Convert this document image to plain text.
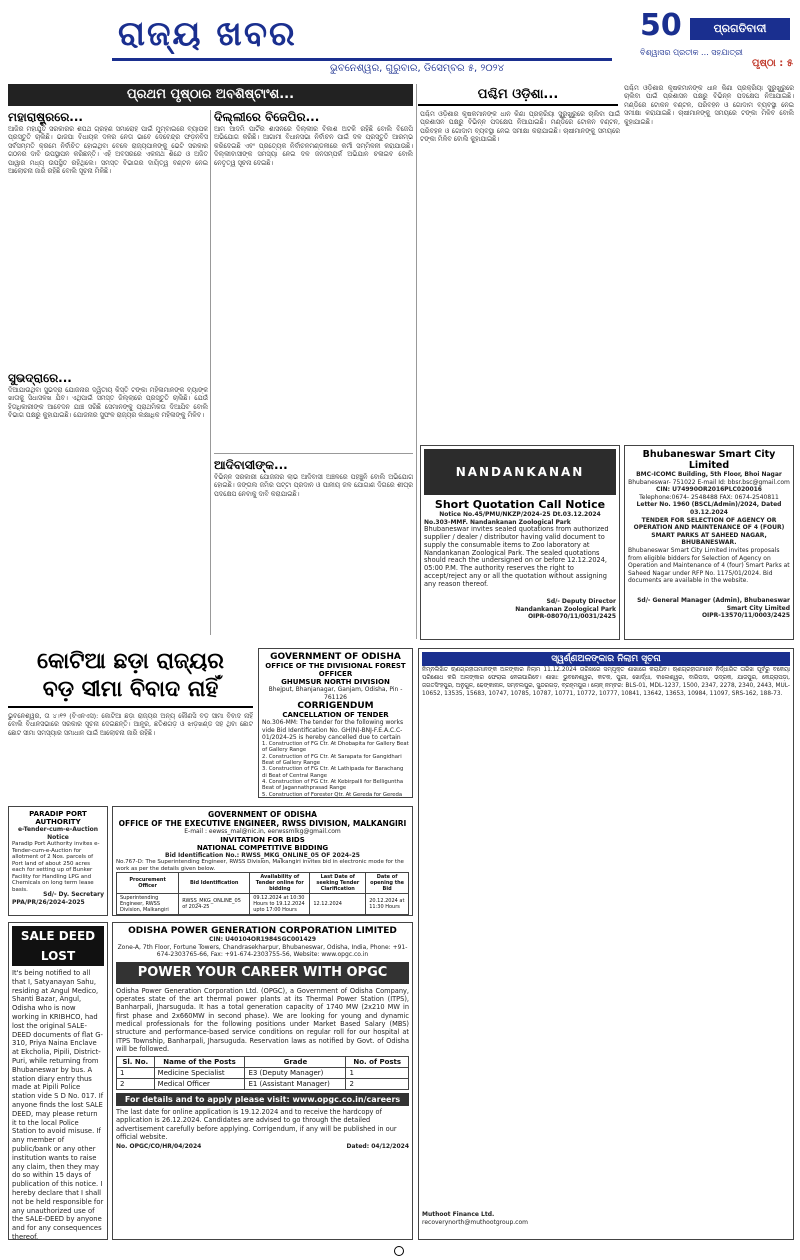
ରାଜ୍ୟ ଖବର
ଭୁବନେଶ୍ୱର, ଗୁରୁବାର, ଡିସେମ୍ବର ୫, ୨୦୨୪
50	ପ୍ରଗତିବାଦୀ
ବିଶ୍ୱାସର ପ୍ରତୀକ ... ସହଯାତ୍ରୀ
ପୃଷ୍ଠା : ୫
ପ୍ରଥମ ପୃଷ୍ଠାର ଅବଶିଷ୍ଟାଂଶ...	ପଶ୍ଚିମ ଓଡ଼ିଶା...
ମହାରାଷ୍ଟ୍ରରେ...
ଆଜିର ମହାଯୁତି ସରକାରର ଶପଥ ଗ୍ରହଣ ସମାରୋହ ପାଇଁ ମୁମ୍ବାଇରେ ବ୍ୟାପକ ପ୍ରସ୍ତୁତି ଚାଲିଛି। ଭାଜପା ବିଧାୟକ ଦଳର ନେତା ଭାବେ ଦେବେନ୍ଦ୍ର ଫଡ଼ନବିସ ସର୍ବସମ୍ମତି କ୍ରମେ ନିର୍ବାଚିତ ହୋଇଥିବା ବେଳେ ରାଜ୍ୟପାଳଙ୍କୁ ଭେଟି ସରକାର ଗଠନର ଦାବି ଉପସ୍ଥାପନ କରିଛନ୍ତି। ଏହି ଅବସରରେ ଏକନାଥ ଶିନ୍ଦେ ଓ ଅଜିତ ପାୱାର ମଧ୍ୟ ଉପସ୍ଥିତ ରହିଥିଲେ। ସମସ୍ତ ବିଭାଗର ଦାୟିତ୍ୱ ବଣ୍ଟନ ନେଇ ଆଲୋଚନା ଜାରି ରହିଛି ବୋଲି ସୂଚନା ମିଳିଛି।
ସୁଭଦ୍ରାରେ...
ଦିଆଯାଉଥିବା ସୁଭଦ୍ରା ଯୋଜନାର ଦ୍ୱିତୀୟ କିସ୍ତି ଟଙ୍କା ମହିଳାମାନଙ୍କ ବ୍ୟାଙ୍କ ଖାତାକୁ ସିଧାସଳଖ ଯିବ। ଏଥିପାଇଁ ସମସ୍ତ ଜିଲ୍ଲାରେ ପ୍ରସ୍ତୁତି ଚାଲିଛି। ଯେଉଁ ହିତାଧିକାରୀଙ୍କ ଆବେଦନ ଯାଞ୍ଚ ସରିଛି ସେମାନଙ୍କୁ ପ୍ରାଥମିକତା ଦିଆଯିବ ବୋଲି ବିଭାଗ ପକ୍ଷରୁ କୁହାଯାଇଛି। ଯୋଜନାର ସୁଫଳ ରାଜ୍ୟର ଲକ୍ଷାଧିକ ମହିଳାଙ୍କୁ ମିଳିବ।
ଦିଲ୍ଲୀରେ ବିଜେପିର...
ଆମ ଆଦମି ପାର୍ଟିର ଶାସନରେ ଦିଲ୍ଲୀର ବିକାଶ ଅଟକି ରହିଛି ବୋଲି ବିଜେପି ଅଭିଯୋଗ କରିଛି। ଆଗାମୀ ବିଧାନସଭା ନିର୍ବାଚନ ପାଇଁ ଦଳ ପ୍ରସ୍ତୁତି ଆରମ୍ଭ କରିଦେଇଛି ଏବଂ ପ୍ରତ୍ୟେକ ନିର୍ବାଚନମଣ୍ଡଳୀରେ କର୍ମୀ ସମ୍ମିଳନୀ କରାଯାଉଛି। ଦିଲ୍ଲୀବାସୀଙ୍କ ସମସ୍ୟା ନେଇ ଦଳ ଜନସମ୍ପର୍କ ଅଭିଯାନ ଚଳାଇବ ବୋଲି ନେତୃତ୍ୱ ସୂଚନା ଦେଇଛି।
ଆଦିବାସୀଙ୍କ...
ବିଭିନ୍ନ ସରକାରୀ ଯୋଜନାର ଲାଭ ଆଦିବାସୀ ଅଞ୍ଚଳରେ ପହଞ୍ଚୁନି ବୋଲି ଅଭିଯୋଗ ହୋଇଛି। ଜଙ୍ଗଲ ଜମିର ପଟ୍ଟା ପ୍ରଦାନ ଓ ପାନୀୟ ଜଳ ଯୋଗାଣ ଦିଗରେ ଶୀଘ୍ର ପଦକ୍ଷେପ ନେବାକୁ ଦାବି କରାଯାଇଛି।
ପଶ୍ଚିମ ଓଡ଼ିଶାର କୃଷକମାନଙ୍କ ଧାନ କିଣା ପ୍ରକ୍ରିୟା ସୁରୁଖୁରୁରେ ଚାଲିବା ପାଇଁ ପ୍ରଶାସନ ପକ୍ଷରୁ ବିଭିନ୍ନ ପଦକ୍ଷେପ ନିଆଯାଇଛି। ମଣ୍ଡିରେ ଟୋକନ ବଣ୍ଟନ, ପରିବହନ ଓ ଗୋଦାମ ବ୍ୟବସ୍ଥା ନେଇ ସମୀକ୍ଷା କରାଯାଇଛି। ଚାଷୀମାନଙ୍କୁ ସମୟରେ ଟଙ୍କା ମିଳିବ ବୋଲି କୁହାଯାଇଛି।
ପଶ୍ଚିମ ଓଡ଼ିଶାର କୃଷକମାନଙ୍କ ଧାନ କିଣା ପ୍ରକ୍ରିୟା ସୁରୁଖୁରୁରେ ଚାଲିବା ପାଇଁ ପ୍ରଶାସନ ପକ୍ଷରୁ ବିଭିନ୍ନ ପଦକ୍ଷେପ ନିଆଯାଇଛି। ମଣ୍ଡିରେ ଟୋକନ ବଣ୍ଟନ, ପରିବହନ ଓ ଗୋଦାମ ବ୍ୟବସ୍ଥା ନେଇ ସମୀକ୍ଷା କରାଯାଇଛି। ଚାଷୀମାନଙ୍କୁ ସମୟରେ ଟଙ୍କା ମିଳିବ ବୋଲି କୁହାଯାଇଛି।
NANDANKANAN
Short Quotation Call Notice
Notice No.45/PMU/NKZP/2024-25 Dt.03.12.2024
No.303-MMF. Nandankanan Zoological Park
Bhubaneswar invites sealed quotations from authorized supplier / dealer / distributor having valid document to supply the consumable items to Zoo laboratory at Nandankanan Zoological Park. The sealed quotations should reach the undersigned on or before 12.12.2024, 05:00 P.M. The authority reserves the right to accept/reject any or all the quotation without assigning any reason thereof.
Sd/- Deputy Director
Nandankanan Zoological Park
OIPR-08070/11/0031/2425
Bhubaneswar Smart City Limited
BMC-ICOMC Building, 5th Floor, Bhoi Nagar
Bhubaneswar- 751022 E-mail Id: bbsr.bsc@gmail.com
CIN: U74990OR2016PLC020016
Telephone:0674- 2548488 FAX: 0674-2540811
Letter No. 1960 (BSCL/Admin)/2024, Dated 03.12.2024
TENDER FOR SELECTION OF AGENCY OR OPERATION AND MAINTENANCE OF 4 (FOUR) SMART PARKS AT SAHEED NAGAR, BHUBANESWAR.
Bhubaneswar Smart City Limited invites proposals from eligible bidders for Selection of Agency on Operation and Maintenance of 4 (four) Smart Parks at Saheed Nagar under RFP No. 1175/01/2024. Bid documents are available in the website.
Sd/- General Manager (Admin), Bhubaneswar Smart City Limited
OIPR-13570/11/0003/2425
କୋଟିଆ ଛଡ଼ା ରାଜ୍ୟର
ବଡ଼ ସୀମା ବିବାଦ ନାହିଁ
ଭୁବନେଶ୍ୱର, ତା ୪।୧୨ (ବିଏନଏସ): କୋଟିଆ ଛଡ଼ା ରାଜ୍ୟର ଅନ୍ୟ କୌଣସି ବଡ଼ ସୀମା ବିବାଦ ନାହିଁ ବୋଲି ବିଧାନସଭାରେ ସରକାର ସୂଚନା ଦେଇଛନ୍ତି। ଆନ୍ଧ୍ର, ଛତିଶଗଡ଼ ଓ ଝାଡ଼ଖଣ୍ଡ ସହ ଥିବା ଛୋଟ ଛୋଟ ସୀମା ସମସ୍ୟାର ସମାଧାନ ପାଇଁ ଆଲୋଚନା ଜାରି ରହିଛି।
GOVERNMENT OF ODISHA
OFFICE OF THE DIVISIONAL FOREST OFFICER
GHUMSUR NORTH DIVISION
Bhejput, Bhanjanagar, Ganjam, Odisha, Pin - 761126
CORRIGENDUM
CANCELLATION OF TENDER
No.306-MM: The tender for the following works vide Bid Identification No. GH(N)-BNJ-F.E.A.C.C-01/2024-25 is hereby cancelled due to certain
1. Construction of FG Ctr. At Dhobapita for Gallery Beat of Gallery Range
2. Construction of FG Ctr. At Sarapata for Gangidhari Beat of Gallery Range
3. Construction of FG Ctr. At Lathipada for Barachang di Beat of Central Range
4. Construction of FG Ctr. At Kebirpalli for Belliguntha Beat of Jagannathprasad Range
5. Construction of Forester Qtr. At Gereda for Gereda
PARADIP PORT AUTHORITY
e-Tender-cum-e-Auction Notice
Paradip Port Authority invites e-Tender-cum-e-Auction for allotment of 2 Nos. parcels of Port land of about 250 acres each for setting up of Bunker Facility for Handling LPG and Chemicals on long term lease basis.
Sd/- Dy. Secretary
PPA/PR/26/2024-2025
GOVERNMENT OF ODISHA
OFFICE OF THE EXECUTIVE ENGINEER, RWSS DIVISION, MALKANGIRI
E-mail : eewss_mal@nic.in, eerwssmlkg@gmail.com
INVITATION FOR BIDS
NATIONAL COMPETITIVE BIDDING
Bid Identification No.: RWSS_MKG_ONLINE_05 OF 2024-25
No.767-D: The Superintending Engineer, RWSS Division, Malkangiri invites bid in electronic mode for the work as per the details given below.
Procurement Officer	Bid Identification	Availability of Tender online for bidding	Last Date of seeking Tender Clarification	Date of opening the Bid
Superintending Engineer, RWSS Division, Malkangiri	RWSS_MKG_ONLINE_05 of 2024-25	09.12.2024 at 10:30 Hours to 19.12.2024 upto 17:00 Hours	12.12.2024	20.12.2024 at 11:30 Hours
SALE DEED LOST
It's being notified to all that I, Satyanayan Sahu, residing at Angul Medico, Shanti Bazar, Angul, Odisha who is now working in KRIBHCO, had lost the original SALE-DEED documents of flat G-310, Priya Naina Enclave at Ekcholia, Pipili, District-Puri, while returning from Bhubaneswar by bus. A station diary entry thus made at Pipili Police station vide S D No. 017. If anyone finds the lost SALE DEED, may please return it to the local Police Station to avoid misuse. If any member of public/bank or any other institution wants to raise any claim, then they may do so within 15 days of publication of this notice. I hereby declare that I shall not be held responsible for any unauthorized use of the SALE-DEED by anyone and for any consequences thereof.
ODISHA POWER GENERATION CORPORATION LIMITED
CIN: U40104OR1984SGC001429
Zone-A, 7th Floor, Fortune Towers, Chandrasekharpur, Bhubaneswar, Odisha, India, Phone: +91-674-2303765-66, Fax: +91-674-2303755-56, Website: www.opgc.co.in
POWER YOUR CAREER WITH OPGC
Odisha Power Generation Corporation Ltd. (OPGC), a Government of Odisha Company, operates state of the art thermal power plants at its Thermal Power Station (ITPS), Banharpali, Jharsuguda. It has a total generation capacity of 1740 MW (2x210 MW in first phase and 2x660MW in second phase). We are looking for young and dynamic medical professionals for the following positions under Market Based Salary (MBS) structure and performance-based service conditions on regular roll for our hospital at ITPS Township, Banharpali, Jharsuguda. Reservation laws as notified by Govt. of Odisha will be followed.
Sl. No.	Name of the Posts	Grade	No. of Posts
1	Medicine Specialist	E3 (Deputy Manager)	1
2	Medical Officer	E1 (Assistant Manager)	2
For details and to apply please visit: www.opgc.co.in/careers
The last date for online application is 19.12.2024 and to receive the hardcopy of application is 26.12.2024. Candidates are advised to go through the detailed advertisement carefully before applying. Corrigendum, if any will be published in our official website.
No. OPGC/CO/HR/04/2024	Dated: 04/12/2024
ସ୍ୱର୍ଣ୍ଣଅଳଙ୍କାର ନିଲାମ ସୂଚନା
ନିମ୍ନଲିଖିତ ଋଣଗ୍ରହୀତାମାନଙ୍କ ଅଳଙ୍କାର ନିଲାମ 11.12.2024 ତାରିଖରେ ସମ୍ପୃକ୍ତ ଶାଖାରେ କରାଯିବ। ଋଣଗ୍ରହୀତାମାନେ ନିର୍ଦ୍ଧାରିତ ତାରିଖ ପୂର୍ବରୁ ବକେୟା ପରିଶୋଧ କରି ଅଳଙ୍କାର ଫେରାଇ ନେଇପାରିବେ। ଶାଖା: ଭୁବନେଶ୍ୱର, କଟକ, ପୁରୀ, ଖୋର୍ଦ୍ଧା, ବାଲେଶ୍ୱର, ବାରିପଦା, ଭଦ୍ରକ, ଯାଜପୁର, କେନ୍ଦ୍ରାପଡ଼ା, ଜଗତସିଂହପୁର, ଅନୁଗୁଳ, ଢେଙ୍କାନାଳ, ସମ୍ବଲପୁର, ସୁନ୍ଦରଗଡ଼, ବ୍ରହ୍ମପୁର। ଲୋନ୍ ନମ୍ବର: BLS-01, MDL-1237, 1500, 2347, 2278, 2340, 2443, MUL-10652, 13535, 15683, 10747, 10785, 10787, 10771, 10772, 10777, 10841, 13642, 13653, 10984, 11097, SRS-162, 188-73.
Muthoot Finance Ltd.
recoverynorth@muthootgroup.com
